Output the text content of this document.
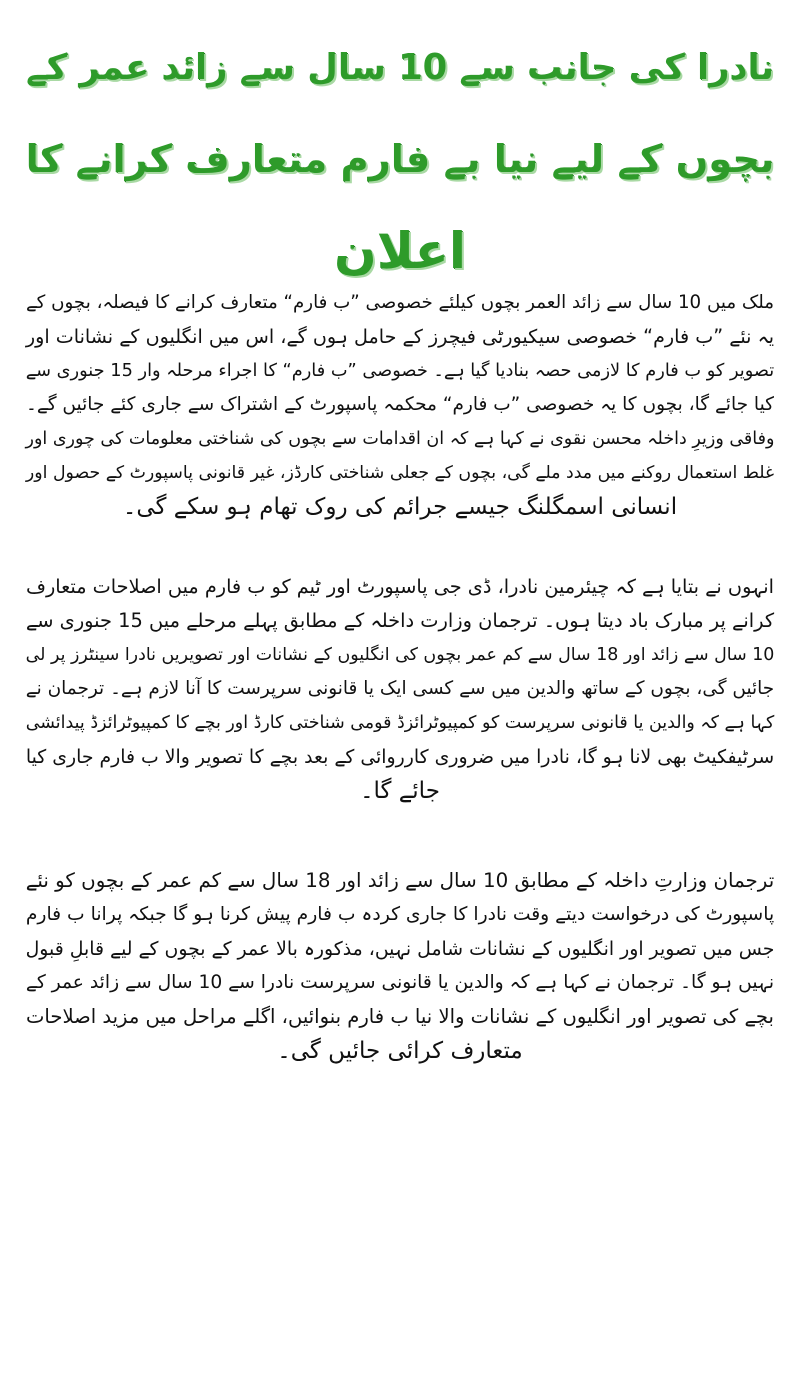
نادرا کی جانب سے 10 سال سے زائد عمر کے
بچوں کے لیے نیا بے فارم متعارف کرانے کا
اعلان

ملک میں 10 سال سے زائد العمر بچوں کیلئے خصوصی ”ب فارم“ متعارف کرانے کا فیصلہ، بچوں کے
یہ نئے ”ب فارم“ خصوصی سیکیورٹی فیچرز کے حامل ہوں گے، اس میں انگلیوں کے نشانات اور
تصویر کو ب فارم کا لازمی حصہ بنادیا گیا ہے۔ خصوصی ”ب فارم“ کا اجراء مرحلہ وار 15 جنوری سے
کیا جائے گا، بچوں کا یہ خصوصی ”ب فارم“ محکمہ پاسپورٹ کے اشتراک سے جاری کئے جائیں گے۔
وفاقی وزیرِ داخلہ محسن نقوی نے کہا ہے کہ ان اقدامات سے بچوں کی شناختی معلومات کی چوری اور
غلط استعمال روکنے میں مدد ملے گی، بچوں کے جعلی شناختی کارڈز، غیر قانونی پاسپورٹ کے حصول اور
انسانی اسمگلنگ جیسے جرائم کی روک تھام ہو سکے گی۔

انہوں نے بتایا ہے کہ چیئرمین نادرا، ڈی جی پاسپورٹ اور ٹیم کو ب فارم میں اصلاحات متعارف
کرانے پر مبارک باد دیتا ہوں۔ ترجمان وزارت داخلہ کے مطابق پہلے مرحلے میں 15 جنوری سے
10 سال سے زائد اور 18 سال سے کم عمر بچوں کی انگلیوں کے نشانات اور تصویریں نادرا سینٹرز پر لی
جائیں گی، بچوں کے ساتھ والدین میں سے کسی ایک یا قانونی سرپرست کا آنا لازم ہے۔ ترجمان نے
کہا ہے کہ والدین یا قانونی سرپرست کو کمپیوٹرائزڈ قومی شناختی کارڈ اور بچے کا کمپیوٹرائزڈ پیدائشی
سرٹیفکیٹ بھی لانا ہو گا، نادرا میں ضروری کارروائی کے بعد بچے کا تصویر والا ب فارم جاری کیا
جائے گا۔

ترجمان وزارتِ داخلہ کے مطابق 10 سال سے زائد اور 18 سال سے کم عمر کے بچوں کو نئے
پاسپورٹ کی درخواست دیتے وقت نادرا کا جاری کردہ ب فارم پیش کرنا ہو گا جبکہ پرانا ب فارم
جس میں تصویر اور انگلیوں کے نشانات شامل نہیں، مذکورہ بالا عمر کے بچوں کے لیے قابلِ قبول
نہیں ہو گا۔ ترجمان نے کہا ہے کہ والدین یا قانونی سرپرست نادرا سے 10 سال سے زائد عمر کے
بچے کی تصویر اور انگلیوں کے نشانات والا نیا ب فارم بنوائیں، اگلے مراحل میں مزید اصلاحات
متعارف کرائی جائیں گی۔
